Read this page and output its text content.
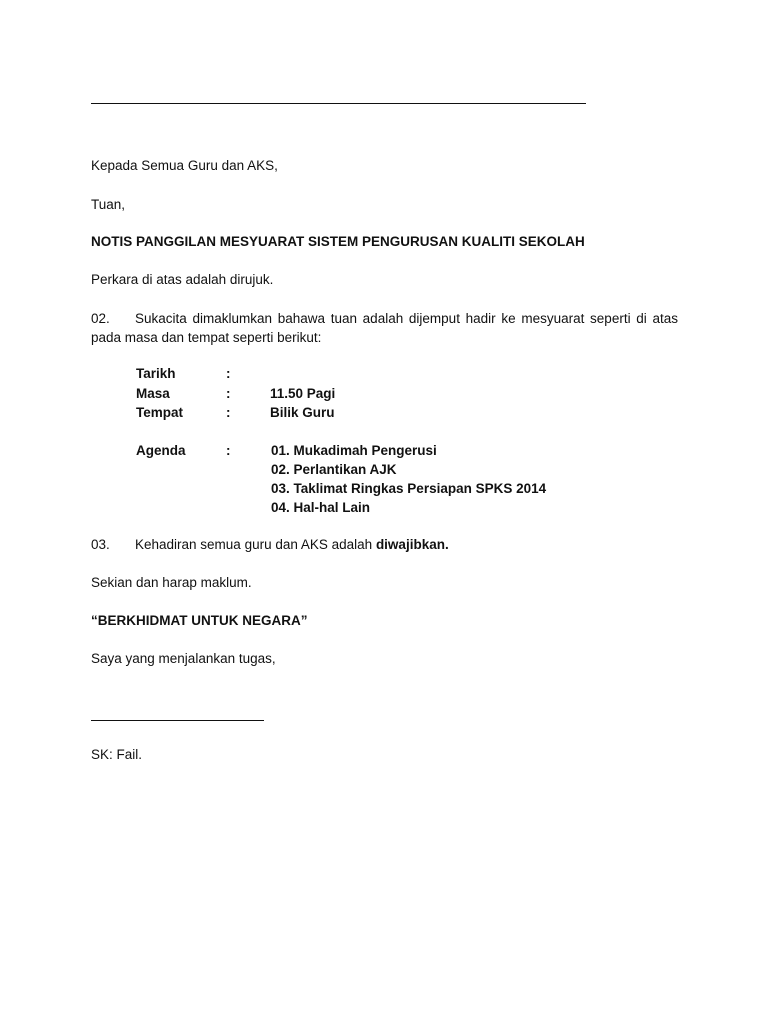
Kepada Semua Guru dan AKS,
Tuan,
NOTIS PANGGILAN MESYUARAT SISTEM PENGURUSAN KUALITI SEKOLAH
Perkara di atas adalah dirujuk.
02. Sukacita dimaklumkan bahawa tuan adalah dijemput hadir ke mesyuarat seperti di atas pada masa dan tempat seperti berikut:
Tarikh	:
Masa	:	11.50 Pagi
Tempat	:	Bilik Guru
Agenda	:	01. Mukadimah Pengerusi
02. Perlantikan AJK
03. Taklimat Ringkas Persiapan SPKS 2014
04. Hal-hal Lain
03. Kehadiran semua guru dan AKS adalah diwajibkan.
Sekian dan harap maklum.
“BERKHIDMAT UNTUK NEGARA”
Saya yang menjalankan tugas,
SK: Fail.
